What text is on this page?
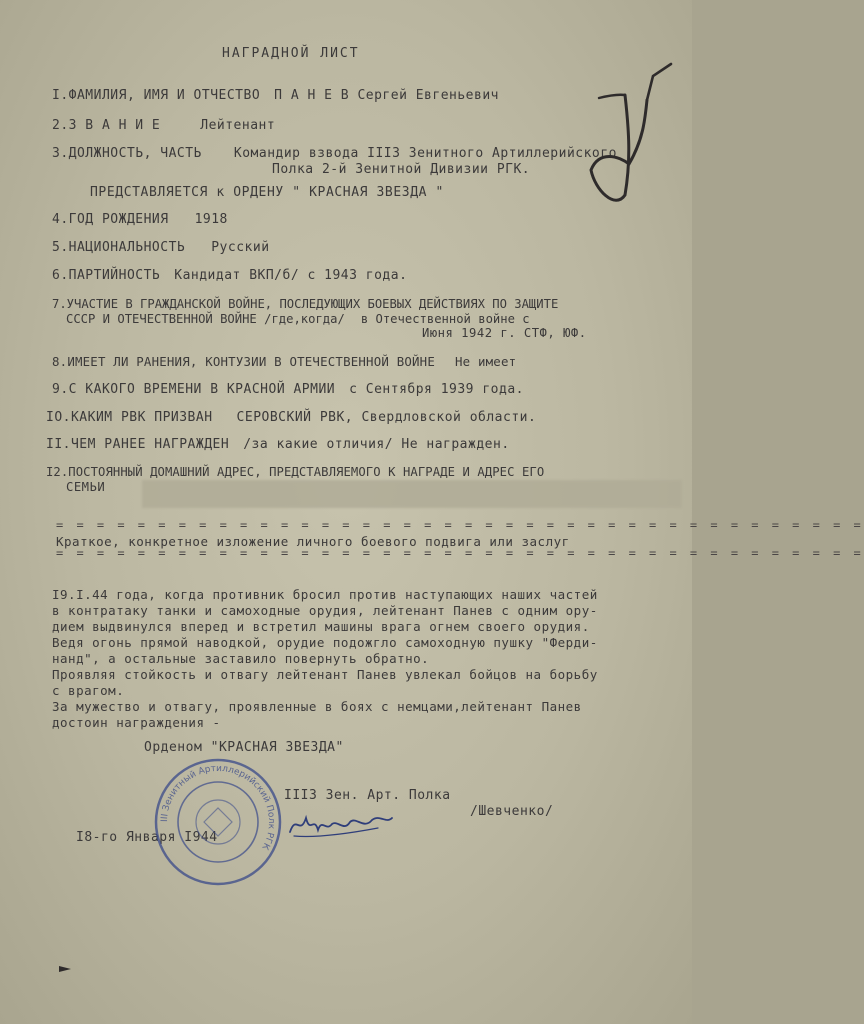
НАГРАДНОЙ ЛИСТ
I.ФАМИЛИЯ, ИМЯ И ОТЧЕСТВО П А Н Е В Сергей Евгеньевич
2.З В А Н И Е	Лейтенант
3.ДОЛЖНОСТЬ, ЧАСТЬ Командир взвода III3 Зенитного Артиллерийского
Полка 2-й Зенитной Дивизии РГК.
ПРЕДСТАВЛЯЕТСЯ к ОРДЕНУ " КРАСНАЯ ЗВЕЗДА "
4.ГОД РОЖДЕНИЯ 1918
5.НАЦИОНАЛЬНОСТЬ Русский
6.ПАРТИЙНОСТЬ Кандидат ВКП/б/ с 1943 года.
7.УЧАСТИЕ В ГРАЖДАНСКОЙ ВОЙНЕ, ПОСЛЕДУЮЩИХ БОЕВЫХ ДЕЙСТВИЯХ ПО ЗАЩИТЕ
СССР И ОТЕЧЕСТВЕННОЙ ВОЙНЕ /где,когда/ в Отечественной войне с
Июня 1942 г. СТФ, ЮФ.
8.ИМЕЕТ ЛИ РАНЕНИЯ, КОНТУЗИИ В ОТЕЧЕСТВЕННОЙ ВОЙНЕ Не имеет
9.С КАКОГО ВРЕМЕНИ В КРАСНОЙ АРМИИ с Сентября 1939 года.
IO.КАКИМ РВК ПРИЗВАН СЕРОВСКИЙ РВК, Свердловской области.
II.ЧЕМ РАНЕЕ НАГРАЖДЕН /за какие отличия/ Не награжден.
I2.ПОСТОЯННЫЙ ДОМАШНИЙ АДРЕС, ПРЕДСТАВЛЯЕМОГО К НАГРАДЕ И АДРЕС ЕГО
СЕМЬИ
= = = = = = = = = = = = = = = = = = = = = = = = = = = = = = = = = = = = = = = =
Краткое, конкретное изложение личного боевого подвига или заслуг
= = = = = = = = = = = = = = = = = = = = = = = = = = = = = = = = = = = = = = = =
I9.I.44 года, когда противник бросил против наступающих наших частей
в контратаку танки и самоходные орудия, лейтенант Панев с одним ору-
дием выдвинулся вперед и встретил машины врага огнем своего орудия.
Ведя огонь прямой наводкой, орудие подожгло самоходную пушку "Ферди-
нанд", а остальные заставило повернуть обратно.
Проявляя стойкость и отвагу лейтенант Панев увлекал бойцов на борьбу
с врагом.
За мужество и отвагу, проявленные в боях с немцами,лейтенант Панев
достоин награждения -
Орденом "КРАСНАЯ ЗВЕЗДА"
III3 Зен. Арт. Полка
/Шевченко/
I8-го Января I944
III Зенитный Артиллерийский Полк РГК
